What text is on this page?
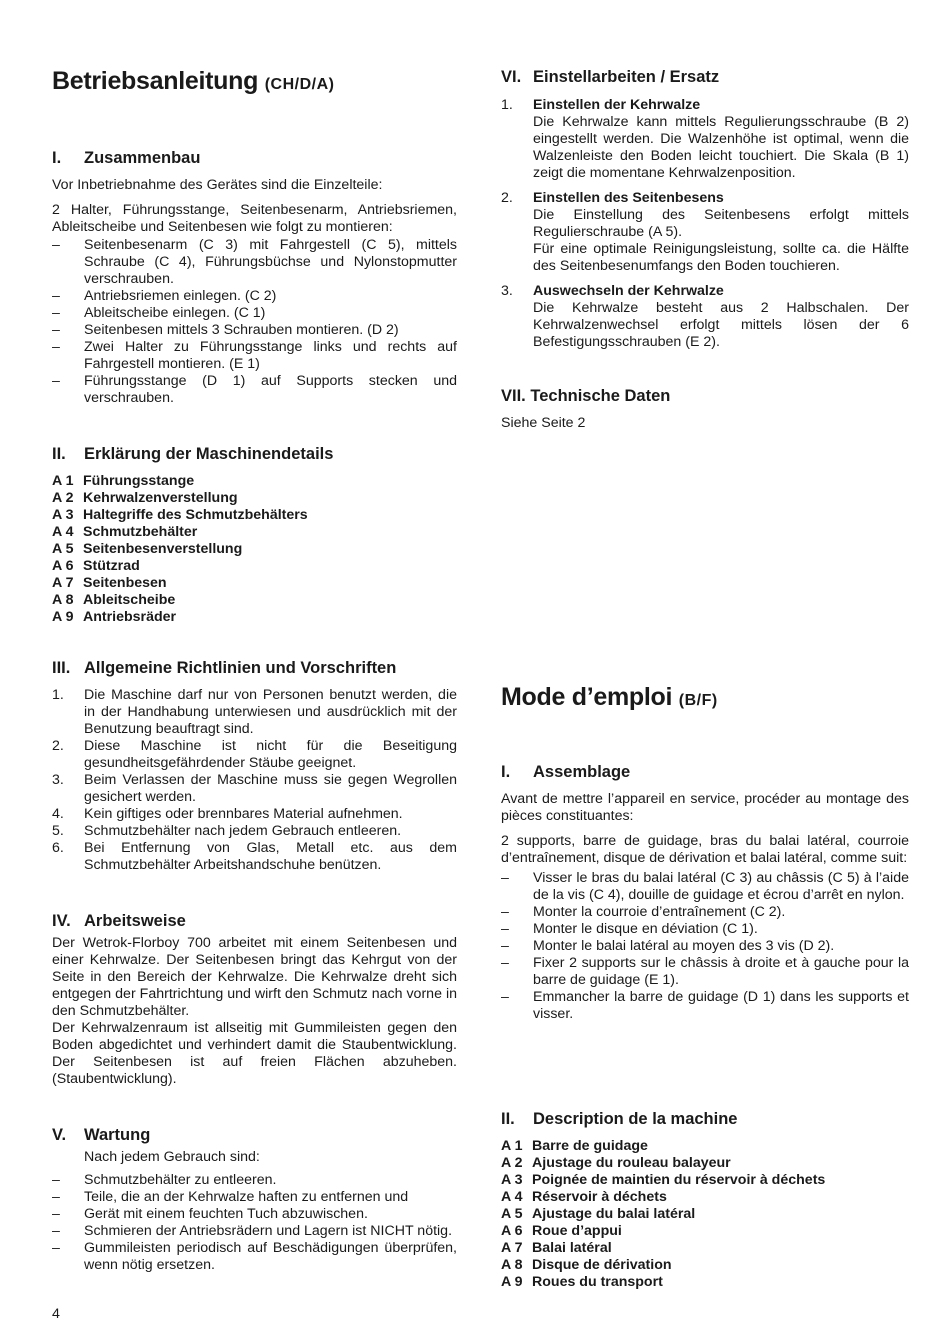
Betriebsanleitung (CH/D/A)
I.	Zusammenbau

Vor Inbetriebnahme des Gerätes sind die Einzelteile:

2 Halter, Führungsstange, Seitenbesenarm, Antriebsriemen, Ableitscheibe und Seitenbesen wie folgt zu montieren:

– Seitenbesenarm (C 3) mit Fahrgestell (C 5), mittels Schraube (C 4), Führungsbüchse und Nylonstopmutter verschrauben.
– Antriebsriemen einlegen. (C 2)
– Ableitscheibe einlegen. (C 1)
– Seitenbesen mittels 3 Schrauben montieren. (D 2)
– Zwei Halter zu Führungsstange links und rechts auf Fahrgestell montieren. (E 1)
– Führungsstange (D 1) auf Supports stecken und verschrauben.
II.	Erklärung der Maschinendetails
A 1 Führungsstange
A 2 Kehrwalzenverstellung
A 3 Haltegriffe des Schmutzbehälters
A 4 Schmutzbehälter
A 5 Seitenbesenverstellung
A 6 Stützrad
A 7 Seitenbesen
A 8 Ableitscheibe
A 9 Antriebsräder
III. Allgemeine Richtlinien und Vorschriften
1.	Die Maschine darf nur von Personen benutzt werden, die in der Handhabung unterwiesen und ausdrücklich mit der Benutzung beauftragt sind.
2.	Diese Maschine ist nicht für die Beseitigung gesundheitsgefährdender Stäube geeignet.
3.	Beim Verlassen der Maschine muss sie gegen Wegrollen gesichert werden.
4.	Kein giftiges oder brennbares Material aufnehmen.
5.	Schmutzbehälter nach jedem Gebrauch entleeren.
6.	Bei Entfernung von Glas, Metall etc. aus dem Schmutzbehälter Arbeitshandschuhe benützen.
IV. Arbeitsweise

Der Wetrok-Florboy 700 arbeitet mit einem Seitenbesen und einer Kehrwalze. Der Seitenbesen bringt das Kehrgut von der Seite in den Bereich der Kehrwalze. Die Kehrwalze dreht sich entgegen der Fahrtrichtung und wirft den Schmutz nach vorne in den Schmutzbehälter.

Der Kehrwalzenraum ist allseitig mit Gummileisten gegen den Boden abgedichtet und verhindert damit die Staubentwicklung. Der Seitenbesen ist auf freien Flächen abzuheben. (Staubentwicklung).

V.	Wartung

Nach jedem Gebrauch sind:

– Schmutzbehälter zu entleeren.
– Teile, die an der Kehrwalze haften zu entfernen und
– Gerät mit einem feuchten Tuch abzuwischen.
– Schmieren der Antriebsrädern und Lagern ist NICHT nötig.
– Gummileisten periodisch auf Beschädigungen überprüfen, wenn nötig ersetzen.
VI. Einstellarbeiten / Ersatz
1.	Einstellen der Kehrwalze
Die Kehrwalze kann mittels Regulierungsschraube (B 2) eingestellt werden. Die Walzenhöhe ist optimal, wenn die Walzenleiste den Boden leicht touchiert. Die Skala (B 1) zeigt die momentane Kehrwalzenposition.
2.	Einstellen des Seitenbesens
Die Einstellung des Seitenbesens erfolgt mittels Regulierschraube (A 5).
Für eine optimale Reinigungsleistung, sollte ca. die Hälfte des Seitenbesenumfangs den Boden touchieren.
3.	Auswechseln der Kehrwalze
Die Kehrwalze besteht aus 2 Halbschalen. Der Kehrwalzenwechsel erfolgt mittels lösen der 6 Befestigungsschrauben (E 2).
VII.
Technische Daten
Siehe Seite 2
Mode d’emploi (B/F)
I.	Assemblage

Avant de mettre l’appareil en service, procéder au montage des pièces constituantes:

2 supports, barre de guidage, bras du balai latéral, courroie d’entraînement, disque de dérivation et balai latéral, comme suit:

– Visser le bras du balai latéral (C 3) au châssis (C 5) à l’aide de la vis (C 4), douille de guidage et écrou d’arrêt en nylon.
– Monter la courroie d’entraînement (C 2).
– Monter le disque en déviation (C 1).
– Monter le balai latéral au moyen des 3 vis (D 2).
– Fixer 2 supports sur le châssis à droite et à gauche pour la barre de guidage (E 1).
– Emmancher la barre de guidage (D 1) dans les supports et visser.
II.	Description de la machine
A 1 Barre de guidage
A 2 Ajustage du rouleau balayeur
A 3 Poignée de maintien du réservoir à déchets
A 4 Réservoir à déchets
A 5 Ajustage du balai latéral
A 6 Roue d’appui
A 7 Balai latéral
A 8 Disque de dérivation
A 9 Roues du transport
4
